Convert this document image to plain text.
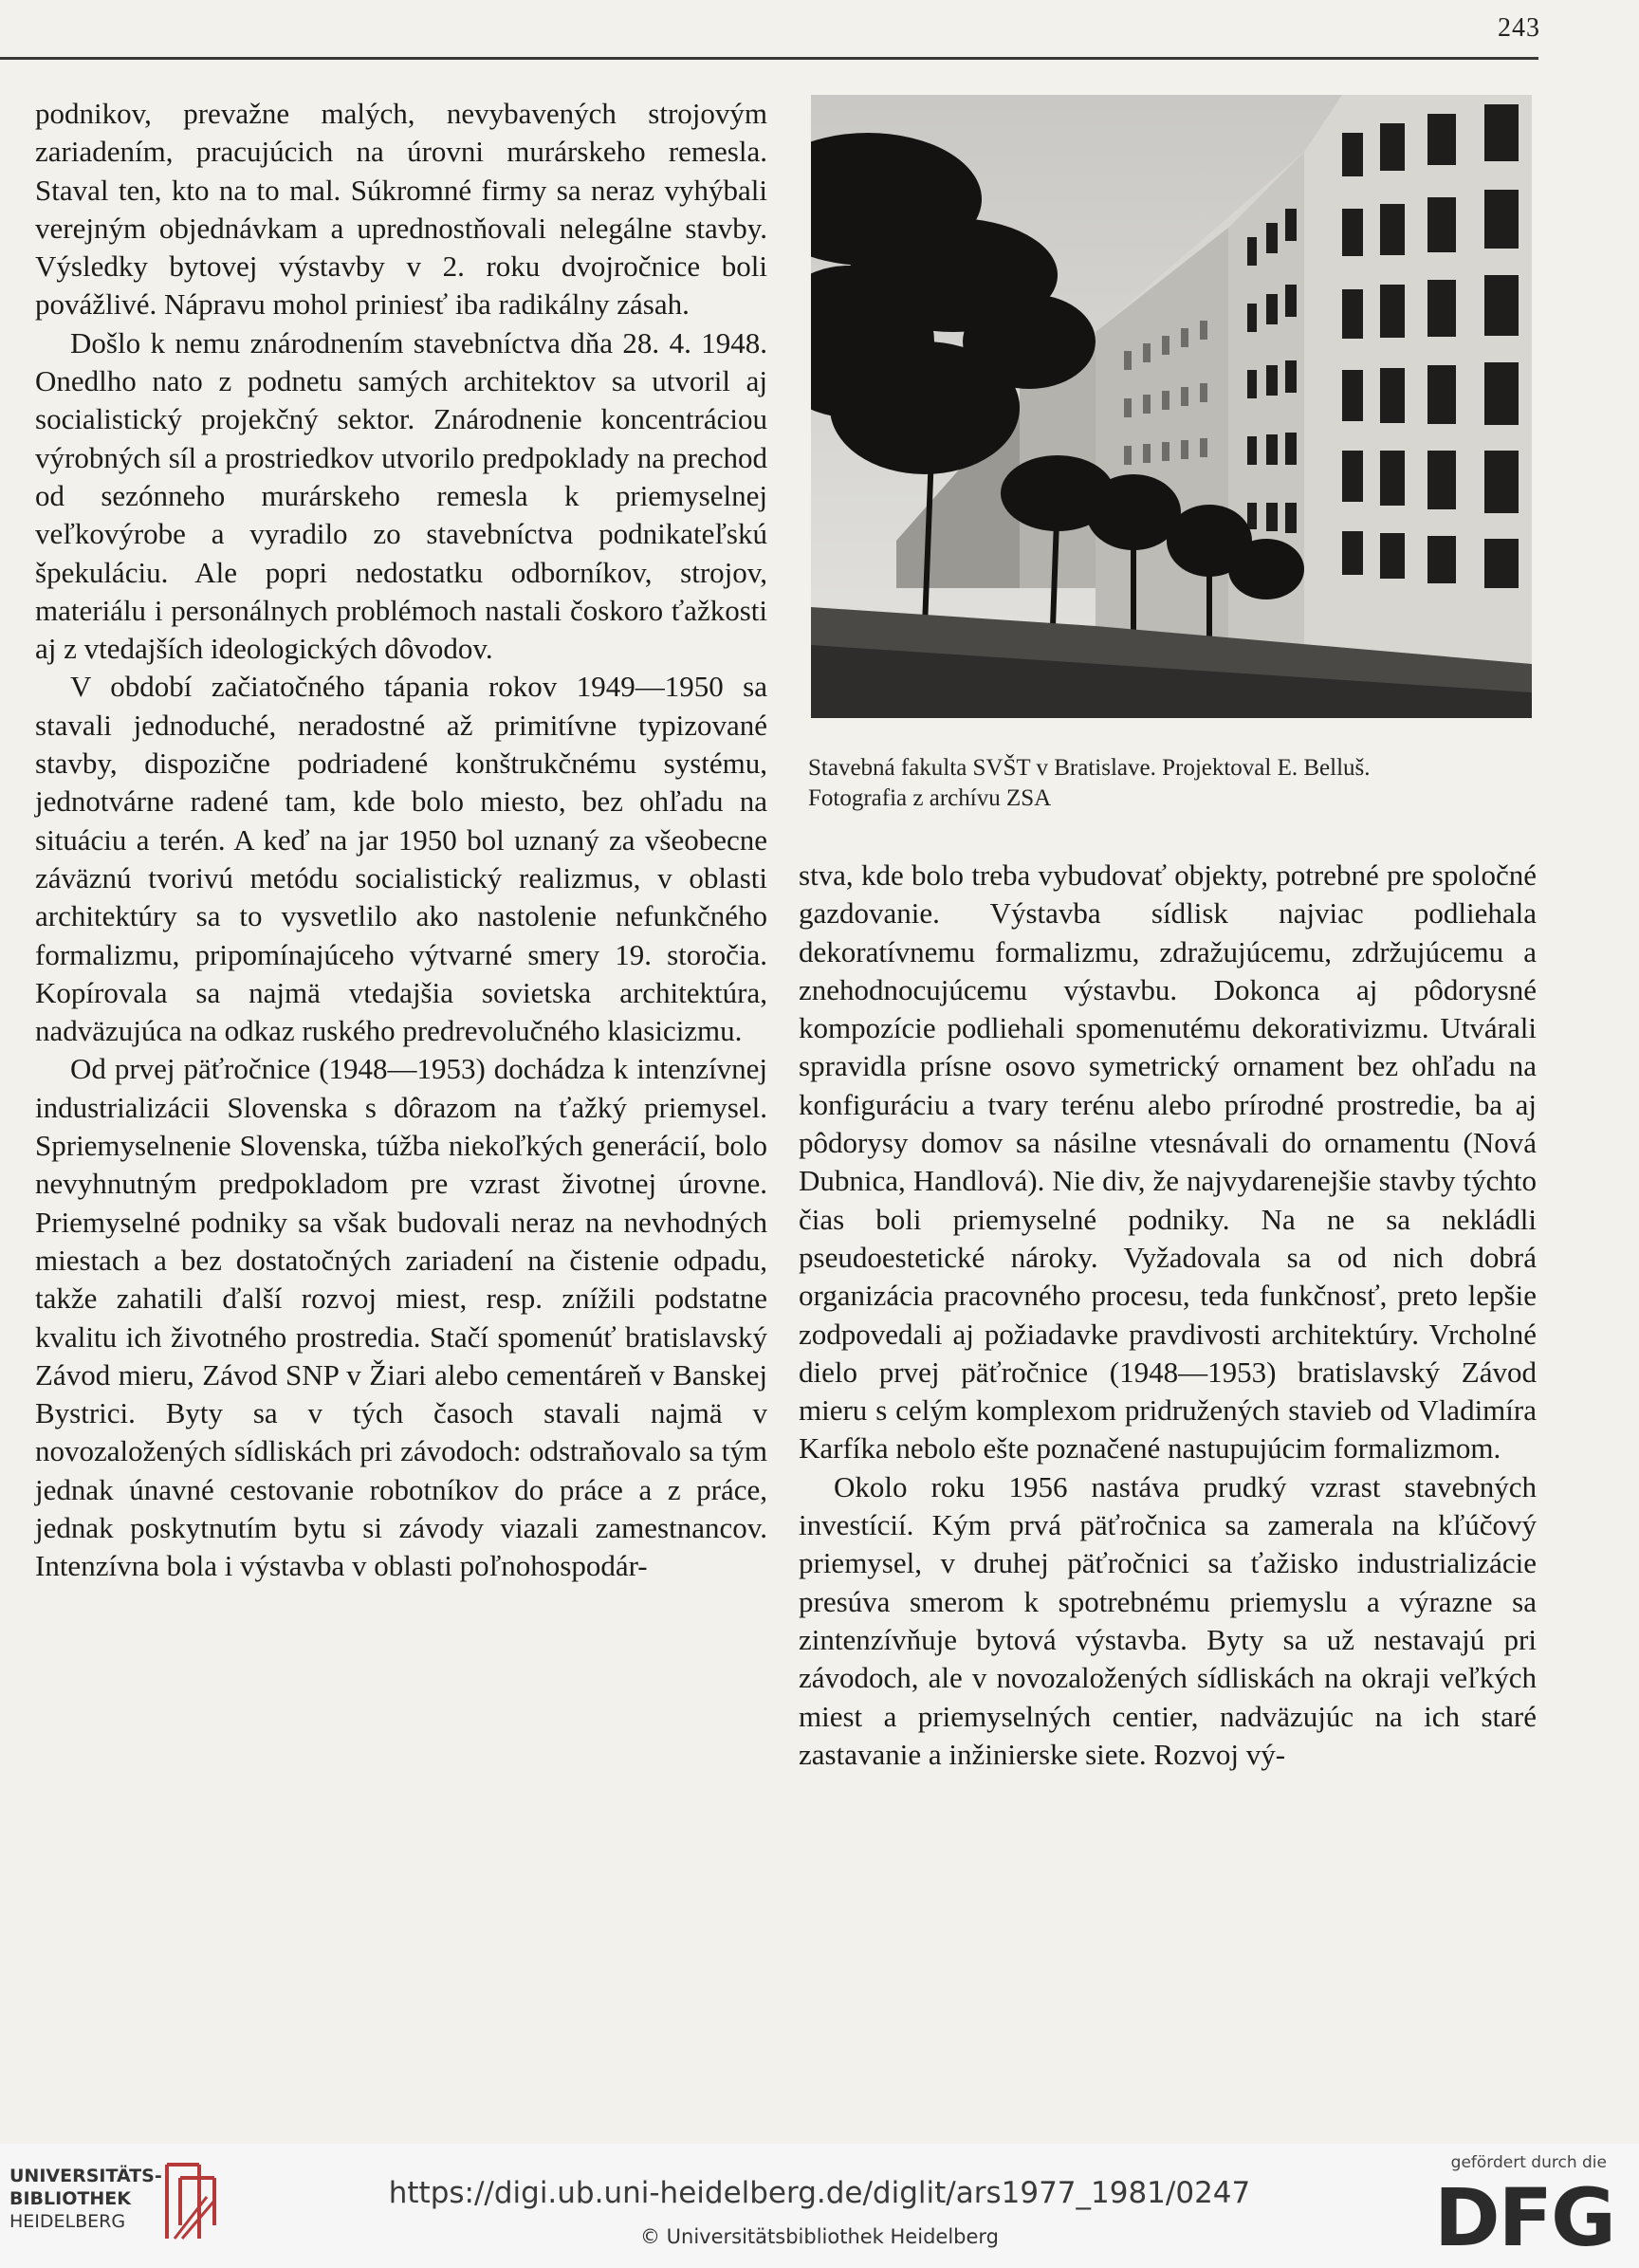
243

podnikov, prevažne malých, nevybavených strojovým zariadením, pracujúcich na úrovni murárskeho remesla. Staval ten, kto na to mal. Súkromné firmy sa neraz vyhýbali verejným objednávkam a uprednostňovali nelegálne stavby. Výsledky bytovej výstavby v 2. roku dvojročnice boli povážlivé. Nápravu mohol priniesť iba radikálny zásah.

Došlo k nemu znárodnením stavebníctva dňa 28. 4. 1948. Onedlho nato z podnetu samých architektov sa utvoril aj socialistický projekčný sektor. Znárodnenie koncentráciou výrobných síl a prostriedkov utvorilo predpoklady na prechod od sezónneho murárskeho remesla k priemyselnej veľkovýrobe a vyradilo zo stavebníctva podnikateľskú špekuláciu. Ale popri nedostatku odborníkov, strojov, materiálu i personálnych problémoch nastali čoskoro ťažkosti aj z vtedajších ideologických dôvodov.

V období začiatočného tápania rokov 1949—1950 sa stavali jednoduché, neradostné až primitívne typizované stavby, dispozične podriadené konštrukčnému systému, jednotvárne radené tam, kde bolo miesto, bez ohľadu na situáciu a terén. A keď na jar 1950 bol uznaný za všeobecne záväznú tvorivú metódu socialistický realizmus, v oblasti architektúry sa to vysvetlilo ako nastolenie nefunkčného formalizmu, pripomínajúceho výtvarné smery 19. storočia. Kopírovala sa najmä vtedajšia sovietska architektúra, nadväzujúca na odkaz ruského predrevolučného klasicizmu.

Od prvej päťročnice (1948—1953) dochádza k intenzívnej industrializácii Slovenska s dôrazom na ťažký priemysel. Spriemyselnenie Slovenska, túžba niekoľkých generácií, bolo nevyhnutným predpokladom pre vzrast životnej úrovne. Priemyselné podniky sa však budovali neraz na nevhodných miestach a bez dostatočných zariadení na čistenie odpadu, takže zahatili ďalší rozvoj miest, resp. znížili podstatne kvalitu ich životného prostredia. Stačí spomenúť bratislavský Závod mieru, Závod SNP v Žiari alebo cementáreň v Banskej Bystrici. Byty sa v tých časoch stavali najmä v novozaložených sídliskách pri závodoch: odstraňovalo sa tým jednak únavné cestovanie robotníkov do práce a z práce, jednak poskytnutím bytu si závody viazali zamestnancov. Intenzívna bola i výstavba v oblasti poľnohospodár-

Stavebná fakulta SVŠT v Bratislave. Projektoval E. Belluš.
Fotografia z archívu ZSA

stva, kde bolo treba vybudovať objekty, potrebné pre spoločné gazdovanie. Výstavba sídlisk najviac podliehala dekoratívnemu formalizmu, zdražujúcemu, zdržujúcemu a znehodnocujúcemu výstavbu. Dokonca aj pôdorysné kompozície podliehali spomenutému dekorativizmu. Utvárali spravidla prísne osovo symetrický ornament bez ohľadu na konfiguráciu a tvary terénu alebo prírodné prostredie, ba aj pôdorysy domov sa násilne vtesnávali do ornamentu (Nová Dubnica, Handlová). Nie div, že najvydarenejšie stavby týchto čias boli priemyselné podniky. Na ne sa nekládli pseudoestetické nároky. Vyžadovala sa od nich dobrá organizácia pracovného procesu, teda funkčnosť, preto lepšie zodpovedali aj požiadavke pravdivosti architektúry. Vrcholné dielo prvej päťročnice (1948—1953) bratislavský Závod mieru s celým komplexom pridružených stavieb od Vladimíra Karfíka nebolo ešte poznačené nastupujúcim formalizmom.

Okolo roku 1956 nastáva prudký vzrast stavebných investícií. Kým prvá päťročnica sa zamerala na kľúčový priemysel, v druhej päťročnici sa ťažisko industrializácie presúva smerom k spotrebnému priemyslu a výrazne sa zintenzívňuje bytová výstavba. Byty sa už nestavajú pri závodoch, ale v novozaložených sídliskách na okraji veľkých miest a priemyselných centier, nadväzujúc na ich staré zastavanie a inžinierske siete. Rozvoj vý-

UNIVERSITÄTS-
BIBLIOTHEK
HEIDELBERG
https://digi.ub.uni-heidelberg.de/diglit/ars1977_1981/0247
© Universitätsbibliothek Heidelberg
gefördert durch die
DFG
